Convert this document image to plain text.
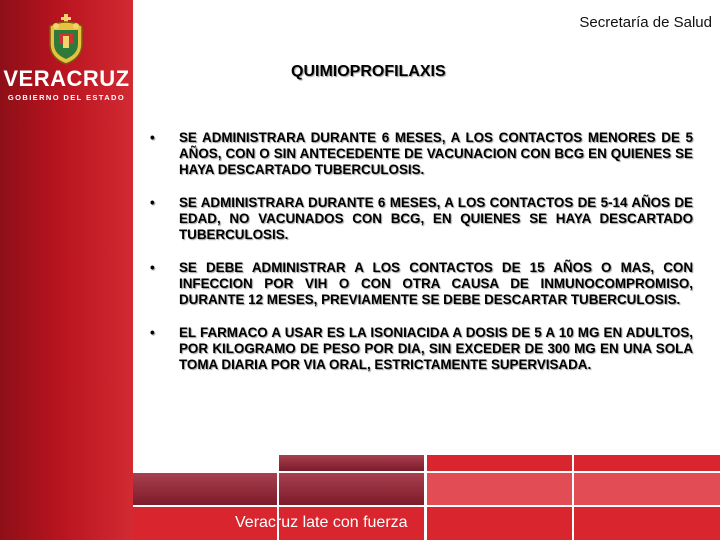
VERACRUZ
GOBIERNO DEL ESTADO
Secretaría de Salud
QUIMIOPROFILAXIS
• SE ADMINISTRARA DURANTE 6 MESES, A LOS CONTACTOS MENORES DE 5 AÑOS, CON O SIN ANTECEDENTE DE VACUNACION CON BCG EN QUIENES SE HAYA DESCARTADO TUBERCULOSIS.
• SE ADMINISTRARA DURANTE 6 MESES, A LOS CONTACTOS DE 5-14 AÑOS DE EDAD, NO VACUNADOS CON BCG, EN QUIENES SE HAYA DESCARTADO TUBERCULOSIS.
• SE DEBE ADMINISTRAR A LOS CONTACTOS DE 15 AÑOS O MAS, CON INFECCION POR VIH O CON OTRA CAUSA DE INMUNOCOMPROMISO, DURANTE 12 MESES, PREVIAMENTE SE DEBE DESCARTAR TUBERCULOSIS.
• EL FARMACO A USAR ES LA ISONIACIDA A DOSIS DE 5 A 10 MG EN ADULTOS, POR KILOGRAMO DE PESO POR DIA, SIN EXCEDER DE 300 MG EN UNA SOLA TOMA DIARIA POR VIA ORAL, ESTRICTAMENTE SUPERVISADA.
Veracruz late con fuerza
